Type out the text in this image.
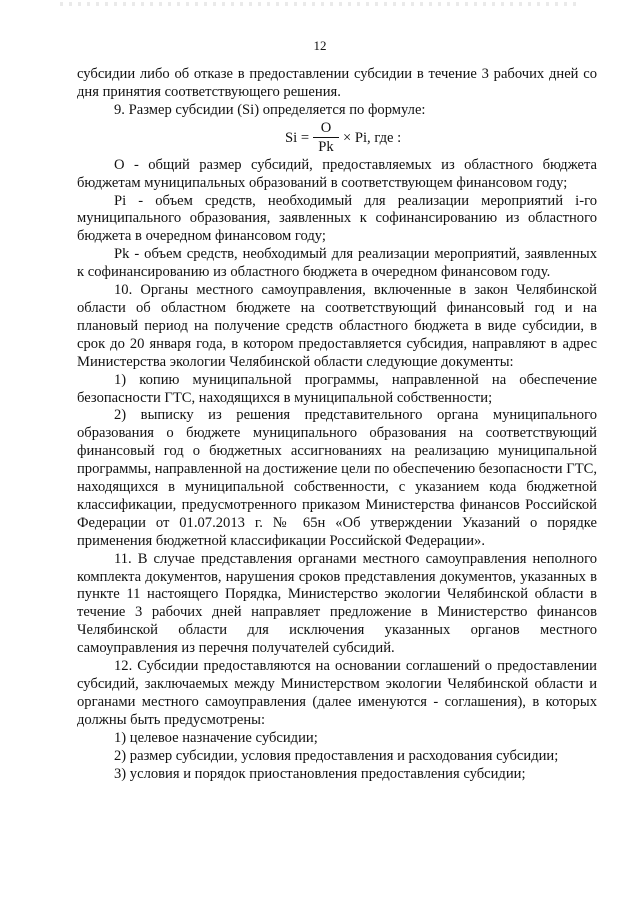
12

субсидии либо об отказе в предоставлении субсидии в течение 3 рабочих дней со дня принятия соответствующего решения.

9. Размер субсидии (Si) определяется по формуле:

Si =
O
Pk
× Pi, где :

O - общий размер субсидий, предоставляемых из областного бюджета бюджетам муниципальных образований в соответствующем финансовом году;

Pi - объем средств, необходимый для реализации мероприятий i-го муниципального образования, заявленных к софинансированию из областного бюджета в очередном финансовом году;

Pk - объем средств, необходимый для реализации мероприятий, заявленных к софинансированию из областного бюджета в очередном финансовом году.

10. Органы местного самоуправления, включенные в закон Челябинской области об областном бюджете на соответствующий финансовый год и на плановый период на получение средств областного бюджета в виде субсидии, в срок до 20 января года, в котором предоставляется субсидия, направляют в адрес Министерства экологии Челябинской области следующие документы:

1) копию муниципальной программы, направленной на обеспечение безопасности ГТС, находящихся в муниципальной собственности;

2) выписку из решения представительного органа муниципального образования о бюджете муниципального образования на соответствующий финансовый год о бюджетных ассигнованиях на реализацию муниципальной программы, направленной на достижение цели по обеспечению безопасности ГТС, находящихся в муниципальной собственности, с указанием кода бюджетной классификации, предусмотренного приказом Министерства финансов Российской Федерации от 01.07.2013 г. № 65н «Об утверждении Указаний о порядке применения бюджетной классификации Российской Федерации».

11. В случае представления органами местного самоуправления неполного комплекта документов, нарушения сроков представления документов, указанных в пункте 11 настоящего Порядка, Министерство экологии Челябинской области в течение 3 рабочих дней направляет предложение в Министерство финансов Челябинской области для исключения указанных органов местного самоуправления из перечня получателей субсидий.

12. Субсидии предоставляются на основании соглашений о предоставлении субсидий, заключаемых между Министерством экологии Челябинской области и органами местного самоуправления (далее именуются - соглашения), в которых должны быть предусмотрены:

1) целевое назначение субсидии;

2) размер субсидии, условия предоставления и расходования субсидии;

3) условия и порядок приостановления предоставления субсидии;
